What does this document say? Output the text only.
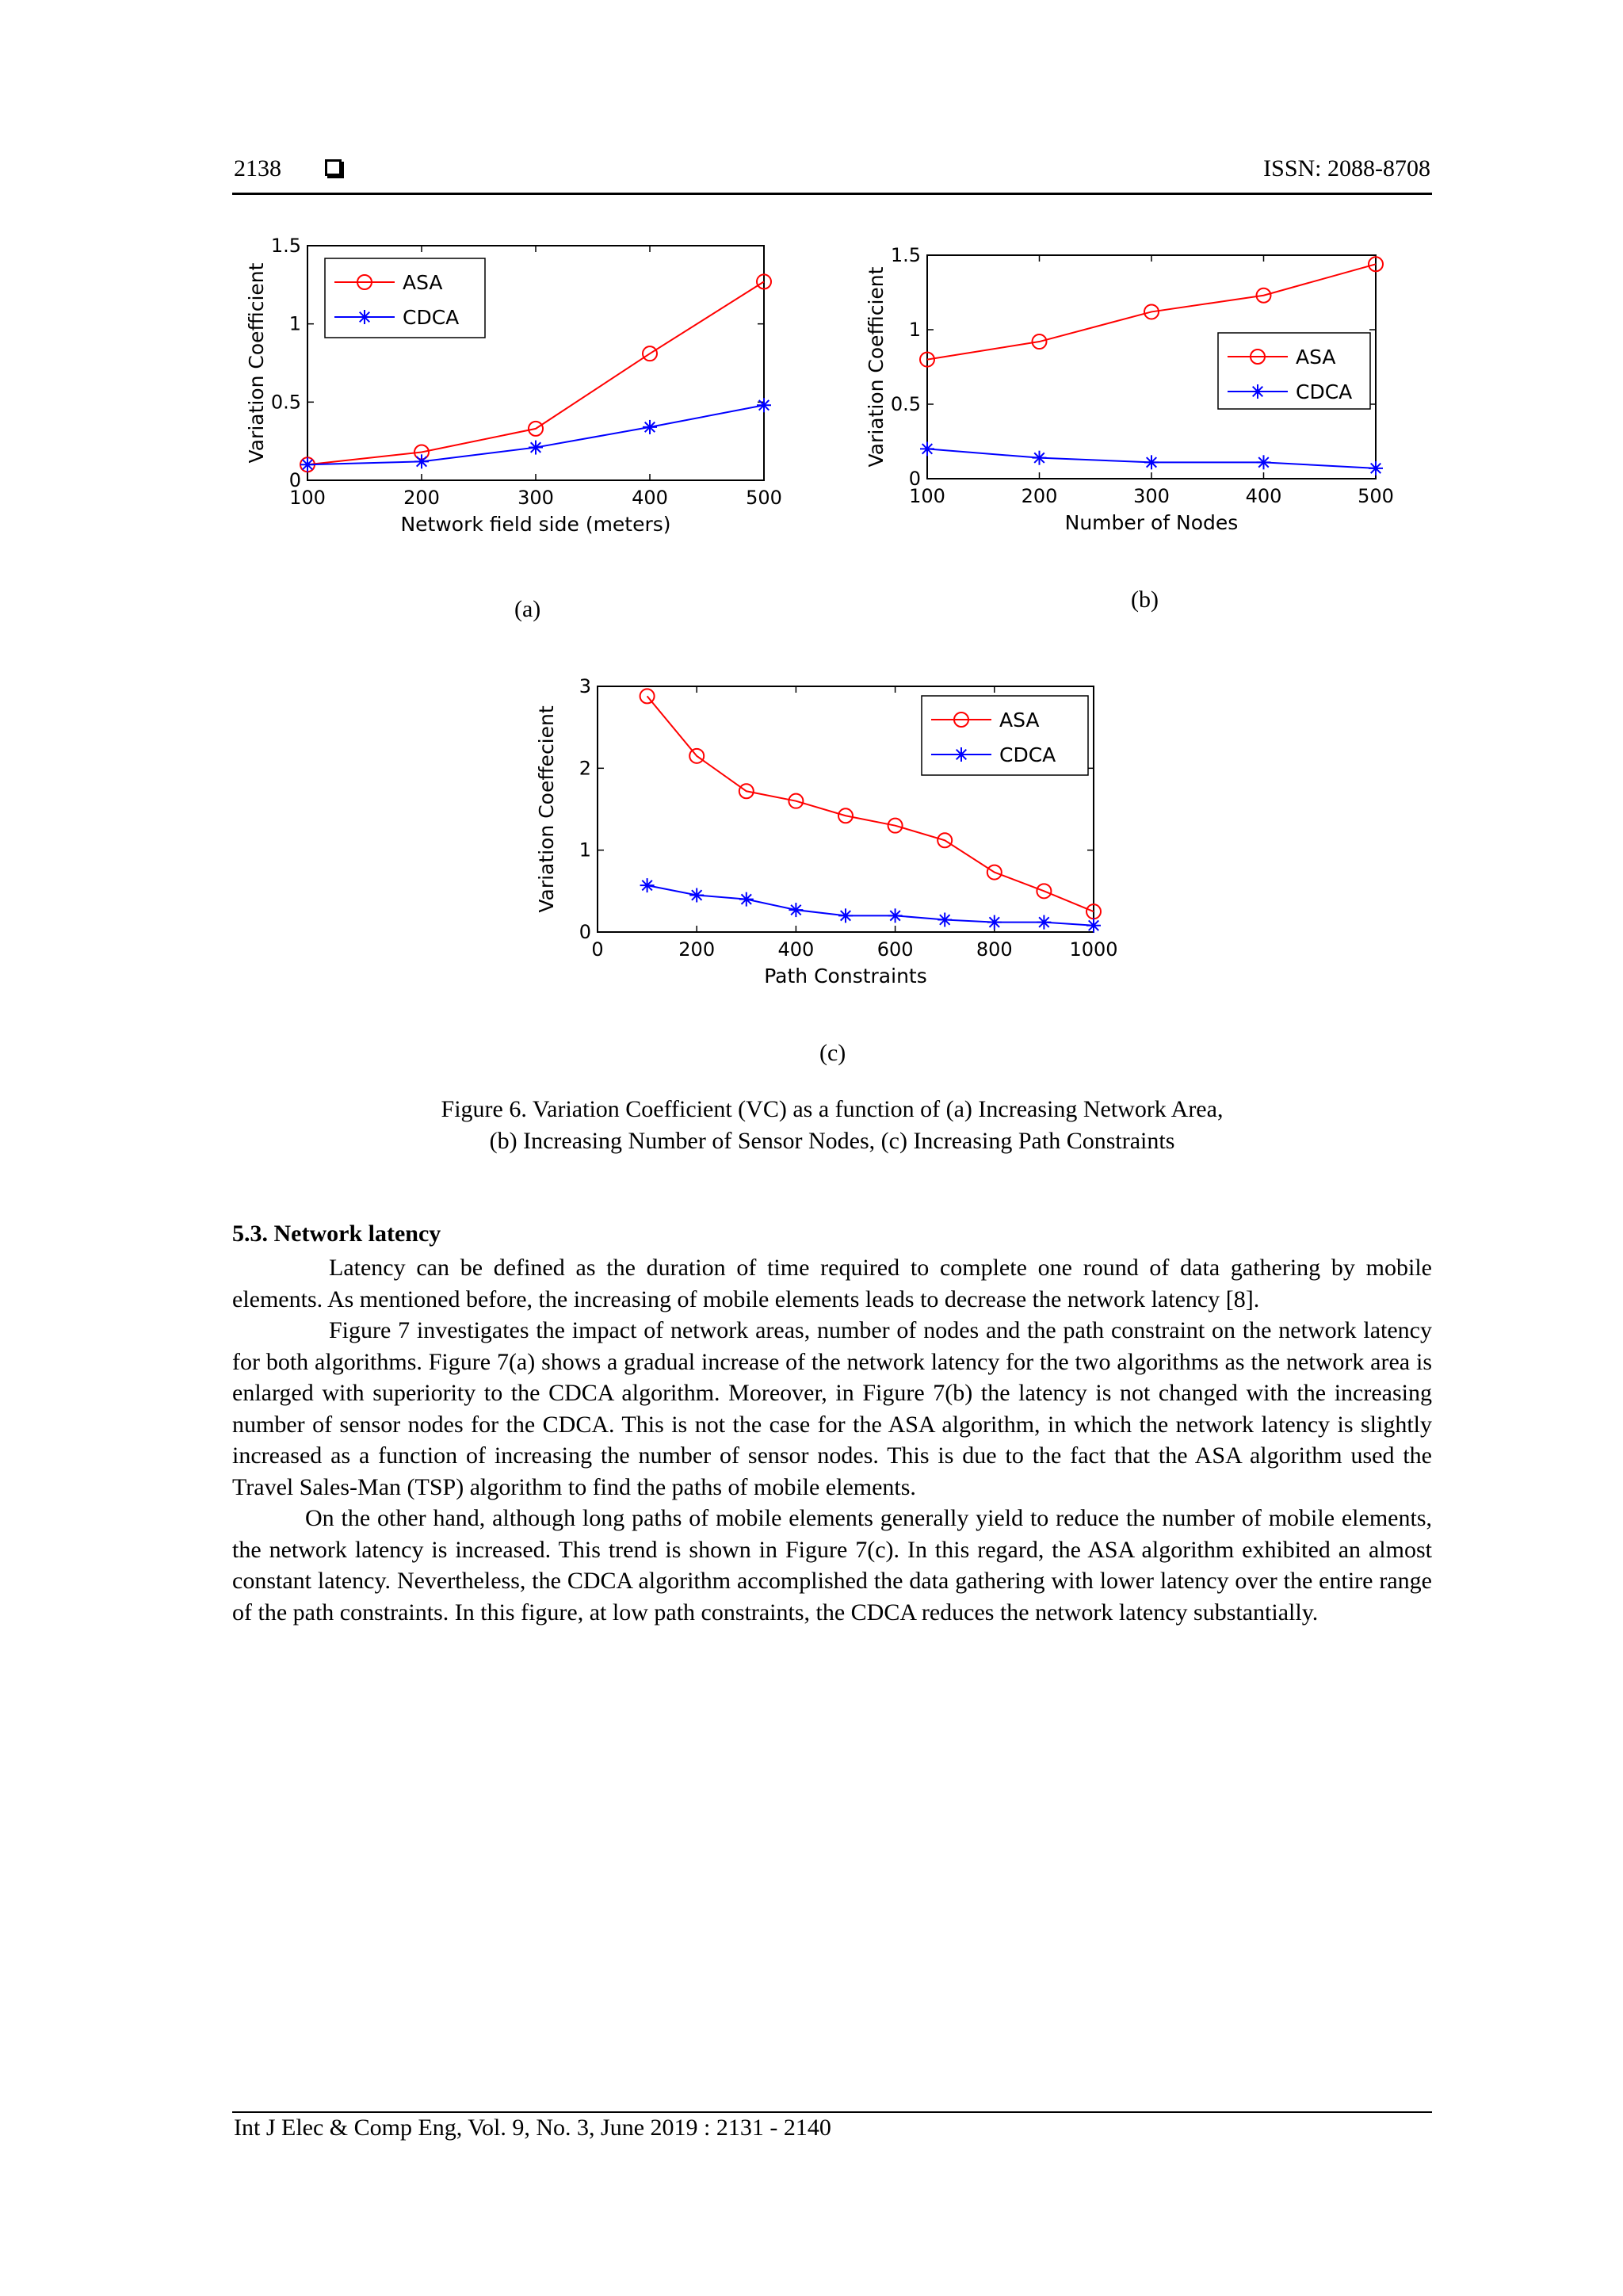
2138	ISSN: 2088-8708
100	200	300	400	500
0
0.5
1
1.5
Network field side (meters)
Variation Coefficient	ASA
CDCA
100	200	300	400	500
0
0.5
1
1.5
Number of Nodes
Variation Coefficient	ASA
CDCA
0	200	400	600	800	1000
0
1
2
3
Path Constraints
Variation Coeffecient	ASA
CDCA
(a)	(b)
(c)
Figure 6. Variation Coefficient (VC) as a function of (a) Increasing Network Area,
(b) Increasing Number of Sensor Nodes, (c) Increasing Path Constraints
5.3. Network latency

Latency can be defined as the duration of time required to complete one round of data gathering by mobile elements. As mentioned before, the increasing of mobile elements leads to decrease the network latency [8].

Figure 7 investigates the impact of network areas, number of nodes and the path constraint on the network latency for both algorithms. Figure 7(a) shows a gradual increase of the network latency for the two algorithms as the network area is enlarged with superiority to the CDCA algorithm. Moreover, in Figure 7(b) the latency is not changed with the increasing number of sensor nodes for the CDCA. This is not the case for the ASA algorithm, in which the network latency is slightly increased as a function of increasing the number of sensor nodes. This is due to the fact that the ASA algorithm used the Travel Sales-Man (TSP) algorithm to find the paths of mobile elements.

On the other hand, although long paths of mobile elements generally yield to reduce the number of mobile elements, the network latency is increased. This trend is shown in Figure 7(c). In this regard, the ASA algorithm exhibited an almost constant latency. Nevertheless, the CDCA algorithm accomplished the data gathering with lower latency over the entire range of the path constraints. In this figure, at low path constraints, the CDCA reduces the network latency substantially.

Int J Elec & Comp Eng, Vol. 9, No. 3, June 2019 : 2131 - 2140
